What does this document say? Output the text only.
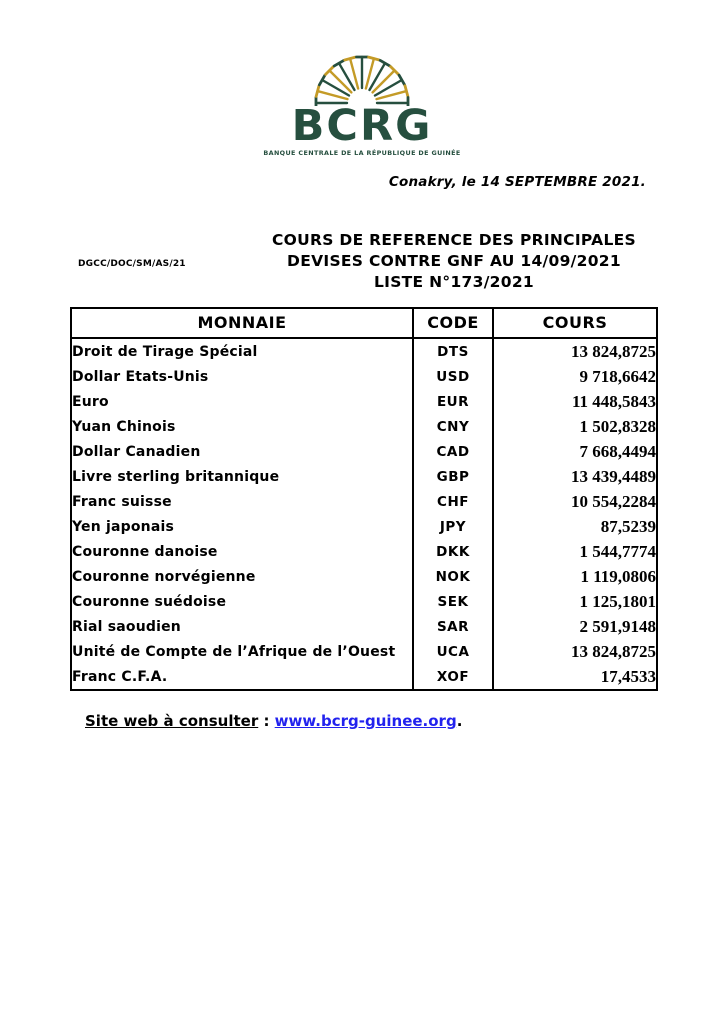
BCRG
BANQUE CENTRALE DE LA RÉPUBLIQUE DE GUINÉE
Conakry, le 14 SEPTEMBRE 2021.
DGCC/DOC/SM/AS/21
COURS DE REFERENCE DES PRINCIPALES
DEVISES CONTRE GNF AU 14/09/2021
LISTE N°173/2021
MONNAIE	CODE	COURS
Droit de Tirage Spécial	DTS	13 824,8725
Dollar Etats-Unis	USD	9 718,6642
Euro	EUR	11 448,5843
Yuan Chinois	CNY	1 502,8328
Dollar Canadien	CAD	7 668,4494
Livre sterling britannique	GBP	13 439,4489
Franc suisse	CHF	10 554,2284
Yen japonais	JPY	87,5239
Couronne danoise	DKK	1 544,7774
Couronne norvégienne	NOK	1 119,0806
Couronne suédoise	SEK	1 125,1801
Rial saoudien	SAR	2 591,9148
Unité de Compte de l’Afrique de l’Ouest	UCA	13 824,8725
Franc C.F.A.	XOF	17,4533
Site web à consulter : www.bcrg-guinee.org.
